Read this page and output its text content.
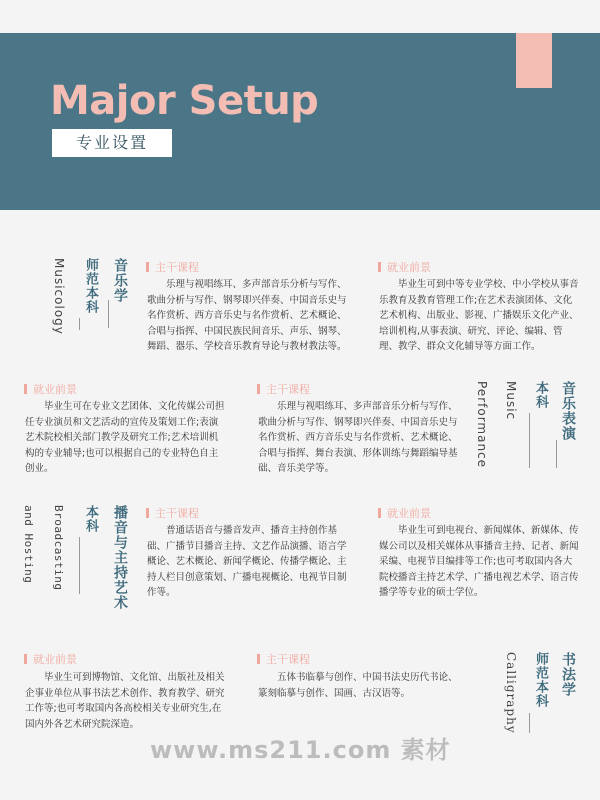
Major Setup
专业设置
音乐学
师范本科
Musicology	主干课程
乐理与视唱练耳、多声部音乐分析与写作、歌曲分析与写作、钢琴即兴伴奏、中国音乐史与名作赏析、西方音乐史与名作赏析、艺术概论、合唱与指挥、中国民族民间音乐、声乐、钢琴、舞蹈、器乐、学校音乐教育导论与教材教法等。
就业前景
毕业生可到中等专业学校、中小学校从事音乐教育及教育管理工作;在艺术表演团体、文化艺术机构、出版业、影视、广播娱乐文化产业、培训机构,从事表演、研究、评论、编辑、管理、教学、群众文化辅导等方面工作。
就业前景
毕业生可在专业文艺团体、文化传媒公司担任专业演员和文艺活动的宣传及策划工作;表演艺术院校相关部门教学及研究工作;艺术培训机构的专业辅导;也可以根据自己的专业特色自主创业。
主干课程
乐理与视唱练耳、多声部音乐分析与写作、歌曲分析与写作、钢琴即兴伴奏、中国音乐史与名作赏析、西方音乐史与名作赏析、艺术概论、合唱与指挥、舞台表演、形体训练与舞蹈编导基础、音乐美学等。
音乐表演
本科
Music
Performance
播音与主持艺术
本科
Broadcasting
and Hosting	主干课程
普通话语音与播音发声、播音主持创作基础、广播节目播音主持、文艺作品演播、语言学概论、艺术概论、新闻学概论、传播学概论、主持人栏目创意策划、广播电视概论、电视节目制作等。
就业前景
毕业生可到电视台、新闻媒体、新媒体、传媒公司以及相关媒体从事播音主持、记者、新闻采编、电视节目编排等工作;也可考取国内各大院校播音主持艺术学、广播电视艺术学、语言传播学等专业的硕士学位。
就业前景
毕业生可到博物馆、文化馆、出版社及相关企事业单位从事书法艺术创作、教育教学、研究工作等;也可考取国内各高校相关专业研究生,在国内外各艺术研究院深造。
主干课程
五体书临摹与创作、中国书法史历代书论、篆刻临摹与创作、国画、古汉语等。	书法学
师范本科
Calligraphy
www.ms211.com 素材
